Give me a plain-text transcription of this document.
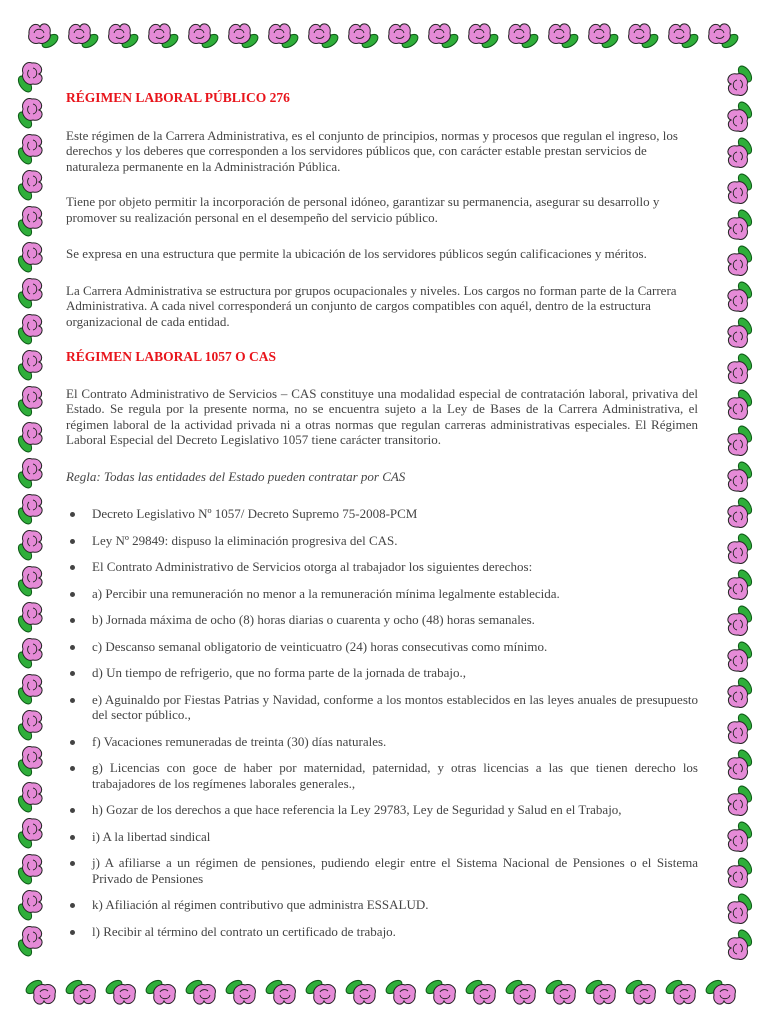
RÉGIMEN LABORAL PÚBLICO 276

Este régimen de la Carrera Administrativa, es el conjunto de principios, normas y procesos que regulan el ingreso, los derechos y los deberes que corresponden a los servidores públicos que, con carácter estable prestan servicios de naturaleza permanente en la Administración Pública.

Tiene por objeto permitir la incorporación de personal idóneo, garantizar su permanencia, asegurar su desarrollo y promover su realización personal en el desempeño del servicio público.

Se expresa en una estructura que permite la ubicación de los servidores públicos según calificaciones y méritos.

La Carrera Administrativa se estructura por grupos ocupacionales y niveles. Los cargos no forman parte de la Carrera Administrativa. A cada nivel corresponderá un conjunto de cargos compatibles con aquél, dentro de la estructura organizacional de cada entidad.

RÉGIMEN LABORAL 1057 O CAS

El Contrato Administrativo de Servicios – CAS constituye una modalidad especial de contratación laboral, privativa del Estado. Se regula por la presente norma, no se encuentra sujeto a la Ley de Bases de la Carrera Administrativa, el régimen laboral de la actividad privada ni a otras normas que regulan carreras administrativas especiales. El Régimen Laboral Especial del Decreto Legislativo 1057 tiene carácter transitorio.

Regla: Todas las entidades del Estado pueden contratar por CAS

Decreto Legislativo Nº 1057/ Decreto Supremo 75-2008-PCM
Ley Nº 29849: dispuso la eliminación progresiva del CAS.
El Contrato Administrativo de Servicios otorga al trabajador los siguientes derechos:
a) Percibir una remuneración no menor a la remuneración mínima legalmente establecida.
b) Jornada máxima de ocho (8) horas diarias o cuarenta y ocho (48) horas semanales.
c) Descanso semanal obligatorio de veinticuatro (24) horas consecutivas como mínimo.
d) Un tiempo de refrigerio, que no forma parte de la jornada de trabajo.,
e) Aguinaldo por Fiestas Patrias y Navidad, conforme a los montos establecidos en las leyes anuales de presupuesto del sector público.,
f) Vacaciones remuneradas de treinta (30) días naturales.
g) Licencias con goce de haber por maternidad, paternidad, y otras licencias a las que tienen derecho los trabajadores de los regímenes laborales generales.,
h) Gozar de los derechos a que hace referencia la Ley 29783, Ley de Seguridad y Salud en el Trabajo,
i) A la libertad sindical
j) A afiliarse a un régimen de pensiones, pudiendo elegir entre el Sistema Nacional de Pensiones o el Sistema Privado de Pensiones
k) Afiliación al régimen contributivo que administra ESSALUD.
l) Recibir al término del contrato un certificado de trabajo.
